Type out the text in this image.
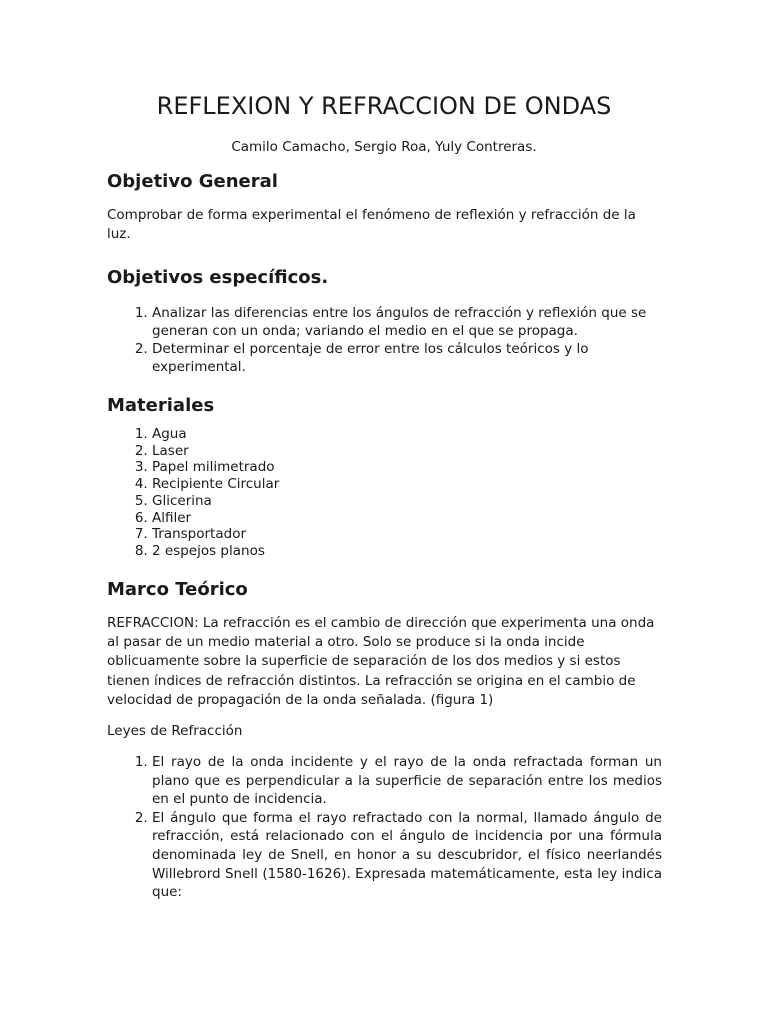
REFLEXION Y REFRACCION DE ONDAS

Camilo Camacho, Sergio Roa, Yuly Contreras.

Objetivo General

Comprobar de forma experimental el fenómeno de reflexión y refracción de la luz.

Objetivos específicos.
1. Analizar las diferencias entre los ángulos de refracción y reflexión que se generan con un onda; variando el medio en el que se propaga.
2. Determinar el porcentaje de error entre los cálculos teóricos y lo experimental.
Materiales
1. Agua
2. Laser
3. Papel milimetrado
4. Recipiente Circular
5. Glicerina
6. Alfiler
7. Transportador
8. 2 espejos planos
Marco Teórico

REFRACCION: La refracción es el cambio de dirección que experimenta una onda al pasar de un medio material a otro. Solo se produce si la onda incide oblicuamente sobre la superficie de separación de los dos medios y si estos tienen índices de refracción distintos. La refracción se origina en el cambio de velocidad de propagación de la onda señalada. (figura 1)

Leyes de Refracción

1. El rayo de la onda incidente y el rayo de la onda refractada forman un plano que es perpendicular a la superficie de separación entre los medios en el punto de incidencia.
2. El ángulo que forma el rayo refractado con la normal, llamado ángulo de refracción, está relacionado con el ángulo de incidencia por una fórmula denominada ley de Snell, en honor a su descubridor, el físico neerlandés Willebrord Snell (1580-1626). Expresada matemáticamente, esta ley indica que:
